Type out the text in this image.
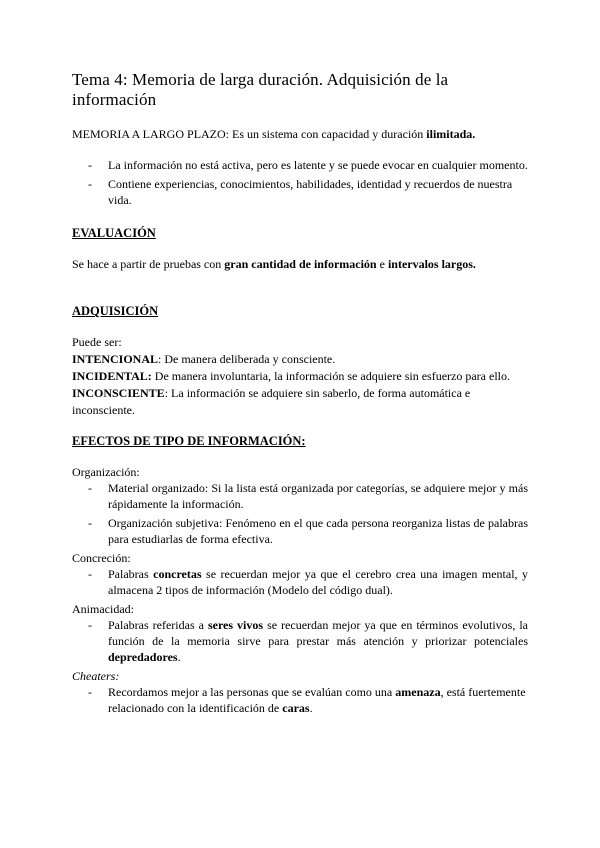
Tema 4: Memoria de larga duración. Adquisición de la información

MEMORIA A LARGO PLAZO: Es un sistema con capacidad y duración ilimitada.

- La información no está activa, pero es latente y se puede evocar en cualquier momento.
- Contiene experiencias, conocimientos, habilidades, identidad y recuerdos de nuestra vida.
EVALUACIÓN

Se hace a partir de pruebas con gran cantidad de información e intervalos largos.

ADQUISICIÓN

Puede ser:

INTENCIONAL: De manera deliberada y consciente.

INCIDENTAL: De manera involuntaria, la información se adquiere sin esfuerzo para ello.

INCONSCIENTE: La información se adquiere sin saberlo, de forma automática e inconsciente.

EFECTOS DE TIPO DE INFORMACIÓN:

Organización:

- Material organizado: Si la lista está organizada por categorías, se adquiere mejor y más rápidamente la información.
- Organización subjetiva: Fenómeno en el que cada persona reorganiza listas de palabras para estudiarlas de forma efectiva.

Concreción:

- Palabras concretas se recuerdan mejor ya que el cerebro crea una imagen mental, y almacena 2 tipos de información (Modelo del código dual).

Animacidad:

- Palabras referidas a seres vivos se recuerdan mejor ya que en términos evolutivos, la función de la memoria sirve para prestar más atención y priorizar potenciales depredadores.

Cheaters:

- Recordamos mejor a las personas que se evalúan como una amenaza, está fuertemente relacionado con la identificación de caras.
